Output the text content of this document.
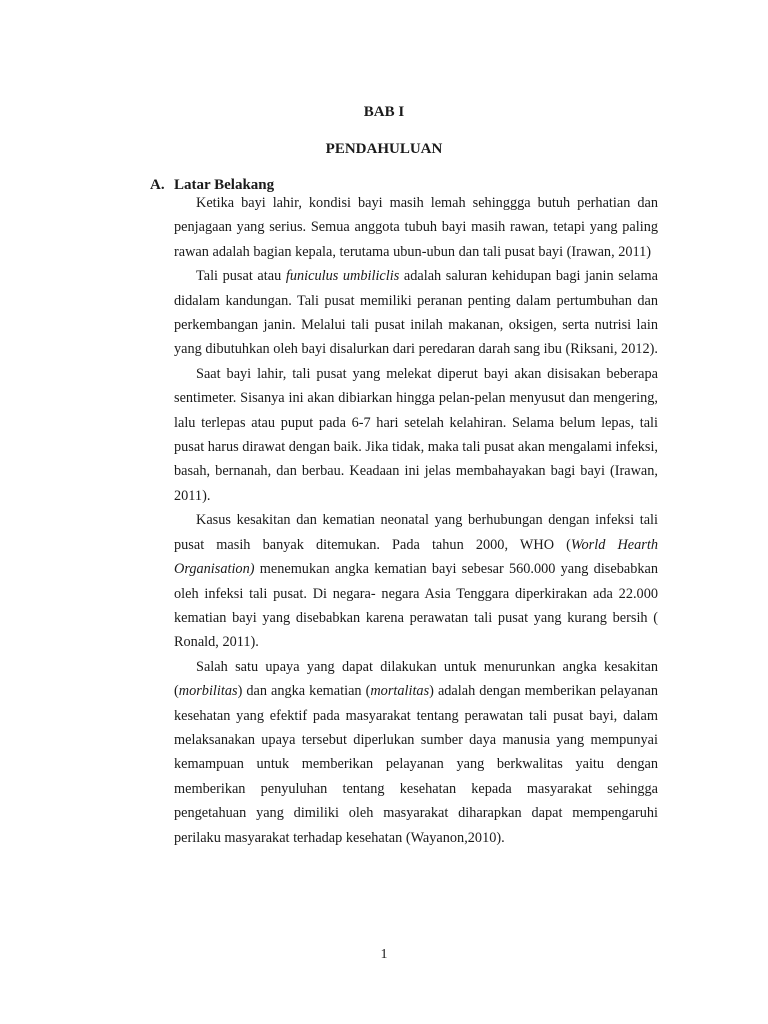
BAB I
PENDAHULUAN
A. Latar Belakang

Ketika bayi lahir, kondisi bayi masih lemah sehinggga butuh perhatian dan penjagaan yang serius. Semua anggota tubuh bayi masih rawan, tetapi yang paling rawan adalah bagian kepala, terutama ubun-ubun dan tali pusat bayi (Irawan, 2011)

Tali pusat atau funiculus umbiliclis adalah saluran kehidupan bagi janin selama didalam kandungan. Tali pusat memiliki peranan penting dalam pertumbuhan dan perkembangan janin. Melalui tali pusat inilah makanan, oksigen, serta nutrisi lain yang dibutuhkan oleh bayi disalurkan dari peredaran darah sang ibu (Riksani, 2012).

Saat bayi lahir, tali pusat yang melekat diperut bayi akan disisakan beberapa sentimeter. Sisanya ini akan dibiarkan hingga pelan-pelan menyusut dan mengering, lalu terlepas atau puput pada 6-7 hari setelah kelahiran. Selama belum lepas, tali pusat harus dirawat dengan baik. Jika tidak, maka tali pusat akan mengalami infeksi, basah, bernanah, dan berbau. Keadaan ini jelas membahayakan bagi bayi (Irawan, 2011).

Kasus kesakitan dan kematian neonatal yang berhubungan dengan infeksi tali pusat masih banyak ditemukan. Pada tahun 2000, WHO (World Hearth Organisation) menemukan angka kematian bayi sebesar 560.000 yang disebabkan oleh infeksi tali pusat. Di negara- negara Asia Tenggara diperkirakan ada 22.000 kematian bayi yang disebabkan karena perawatan tali pusat yang kurang bersih ( Ronald, 2011).

Salah satu upaya yang dapat dilakukan untuk menurunkan angka kesakitan (morbilitas) dan angka kematian (mortalitas) adalah dengan memberikan pelayanan kesehatan yang efektif pada masyarakat tentang perawatan tali pusat bayi, dalam melaksanakan upaya tersebut diperlukan sumber daya manusia yang mempunyai kemampuan untuk memberikan pelayanan yang berkwalitas yaitu dengan memberikan penyuluhan tentang kesehatan kepada masyarakat sehingga pengetahuan yang dimiliki oleh masyarakat diharapkan dapat mempengaruhi perilaku masyarakat terhadap kesehatan (Wayanon,2010).

1
